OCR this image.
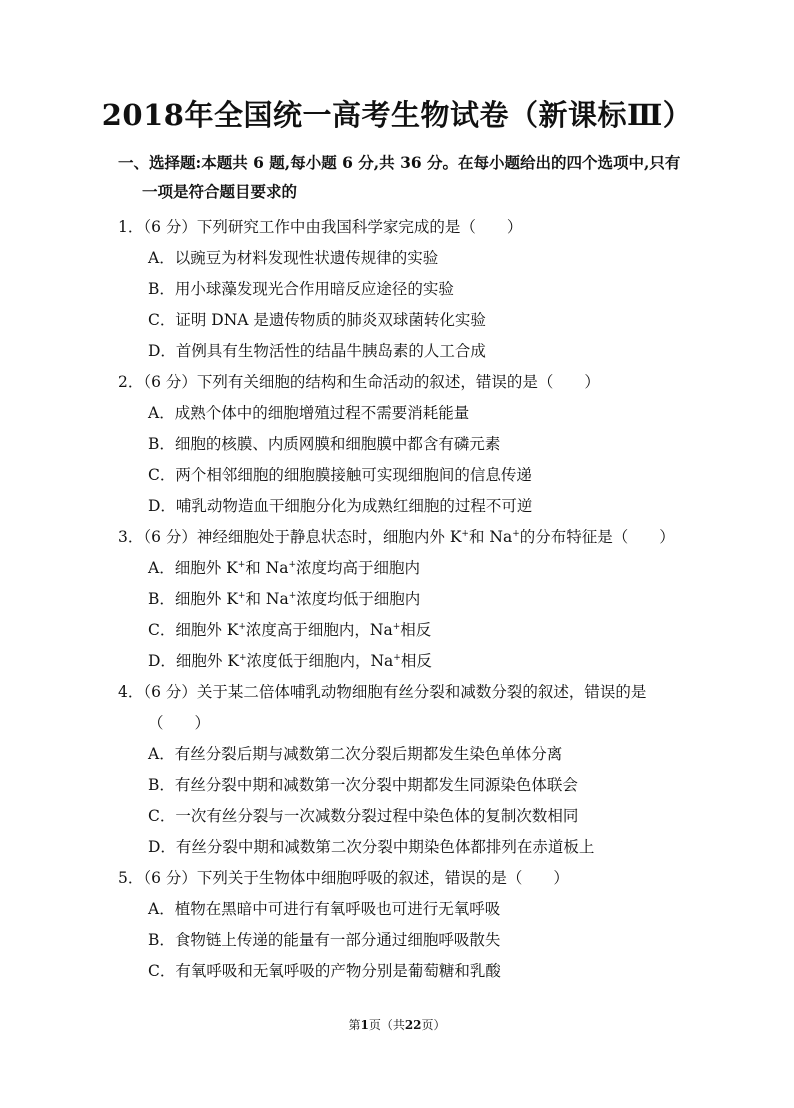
2018年全国统一高考生物试卷（新课标Ⅲ）
一、选择题:本题共 6 题,每小题 6 分,共 36 分。在每小题给出的四个选项中,只有
一项是符合题目要求的
1．（6 分）下列研究工作中由我国科学家完成的是（　　）
A．以豌豆为材料发现性状遗传规律的实验
B．用小球藻发现光合作用暗反应途径的实验
C．证明 DNA 是遗传物质的肺炎双球菌转化实验
D．首例具有生物活性的结晶牛胰岛素的人工合成
2．（6 分）下列有关细胞的结构和生命活动的叙述，错误的是（　　）
A．成熟个体中的细胞增殖过程不需要消耗能量
B．细胞的核膜、内质网膜和细胞膜中都含有磷元素
C．两个相邻细胞的细胞膜接触可实现细胞间的信息传递
D．哺乳动物造血干细胞分化为成熟红细胞的过程不可逆
3．（6 分）神经细胞处于静息状态时，细胞内外 K+和 Na+的分布特征是（　　）
A．细胞外 K+和 Na+浓度均高于细胞内
B．细胞外 K+和 Na+浓度均低于细胞内
C．细胞外 K+浓度高于细胞内，Na+相反
D．细胞外 K+浓度低于细胞内，Na+相反
4．（6 分）关于某二倍体哺乳动物细胞有丝分裂和减数分裂的叙述，错误的是
（　　）
A．有丝分裂后期与减数第二次分裂后期都发生染色单体分离
B．有丝分裂中期和减数第一次分裂中期都发生同源染色体联会
C．一次有丝分裂与一次减数分裂过程中染色体的复制次数相同
D．有丝分裂中期和减数第二次分裂中期染色体都排列在赤道板上
5．（6 分）下列关于生物体中细胞呼吸的叙述，错误的是（　　）
A．植物在黑暗中可进行有氧呼吸也可进行无氧呼吸
B．食物链上传递的能量有一部分通过细胞呼吸散失
C．有氧呼吸和无氧呼吸的产物分别是葡萄糖和乳酸
第1页（共22页）
